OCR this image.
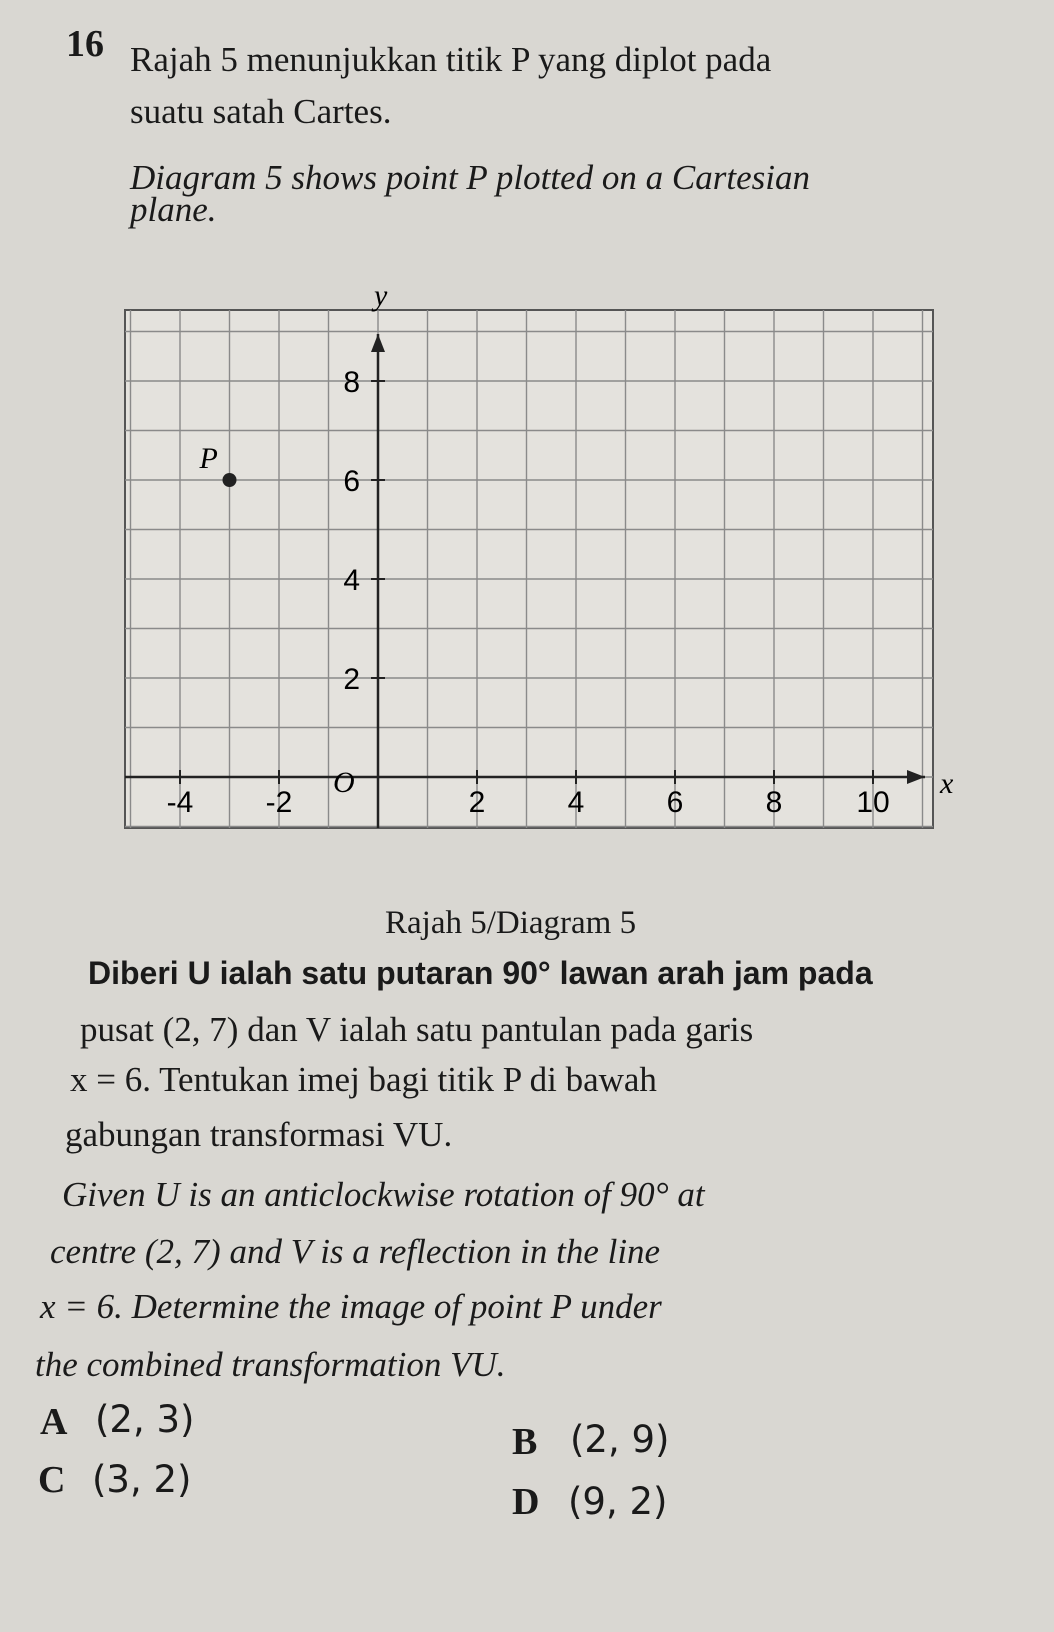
16 Rajah 5 menunjukkan titik P yang diplot pada
suatu satah Cartes.
Diagram 5 shows point P plotted on a Cartesian
plane.
x
y
O
-4 -2	2	4	6	8 10
2
4
6
8
P
Rajah 5/Diagram 5
Diberi U ialah satu putaran 90° lawan arah jam pada
pusat (2, 7) dan V ialah satu pantulan pada garis
x = 6. Tentukan imej bagi titik P di bawah
gabungan transformasi VU.
Given U is an anticlockwise rotation of 90° at
centre (2, 7) and V is a reflection in the line
x = 6. Determine the image of point P under
the combined transformation VU.
A (2, 3)
B (2, 9)
C (3, 2)
D (9, 2)
